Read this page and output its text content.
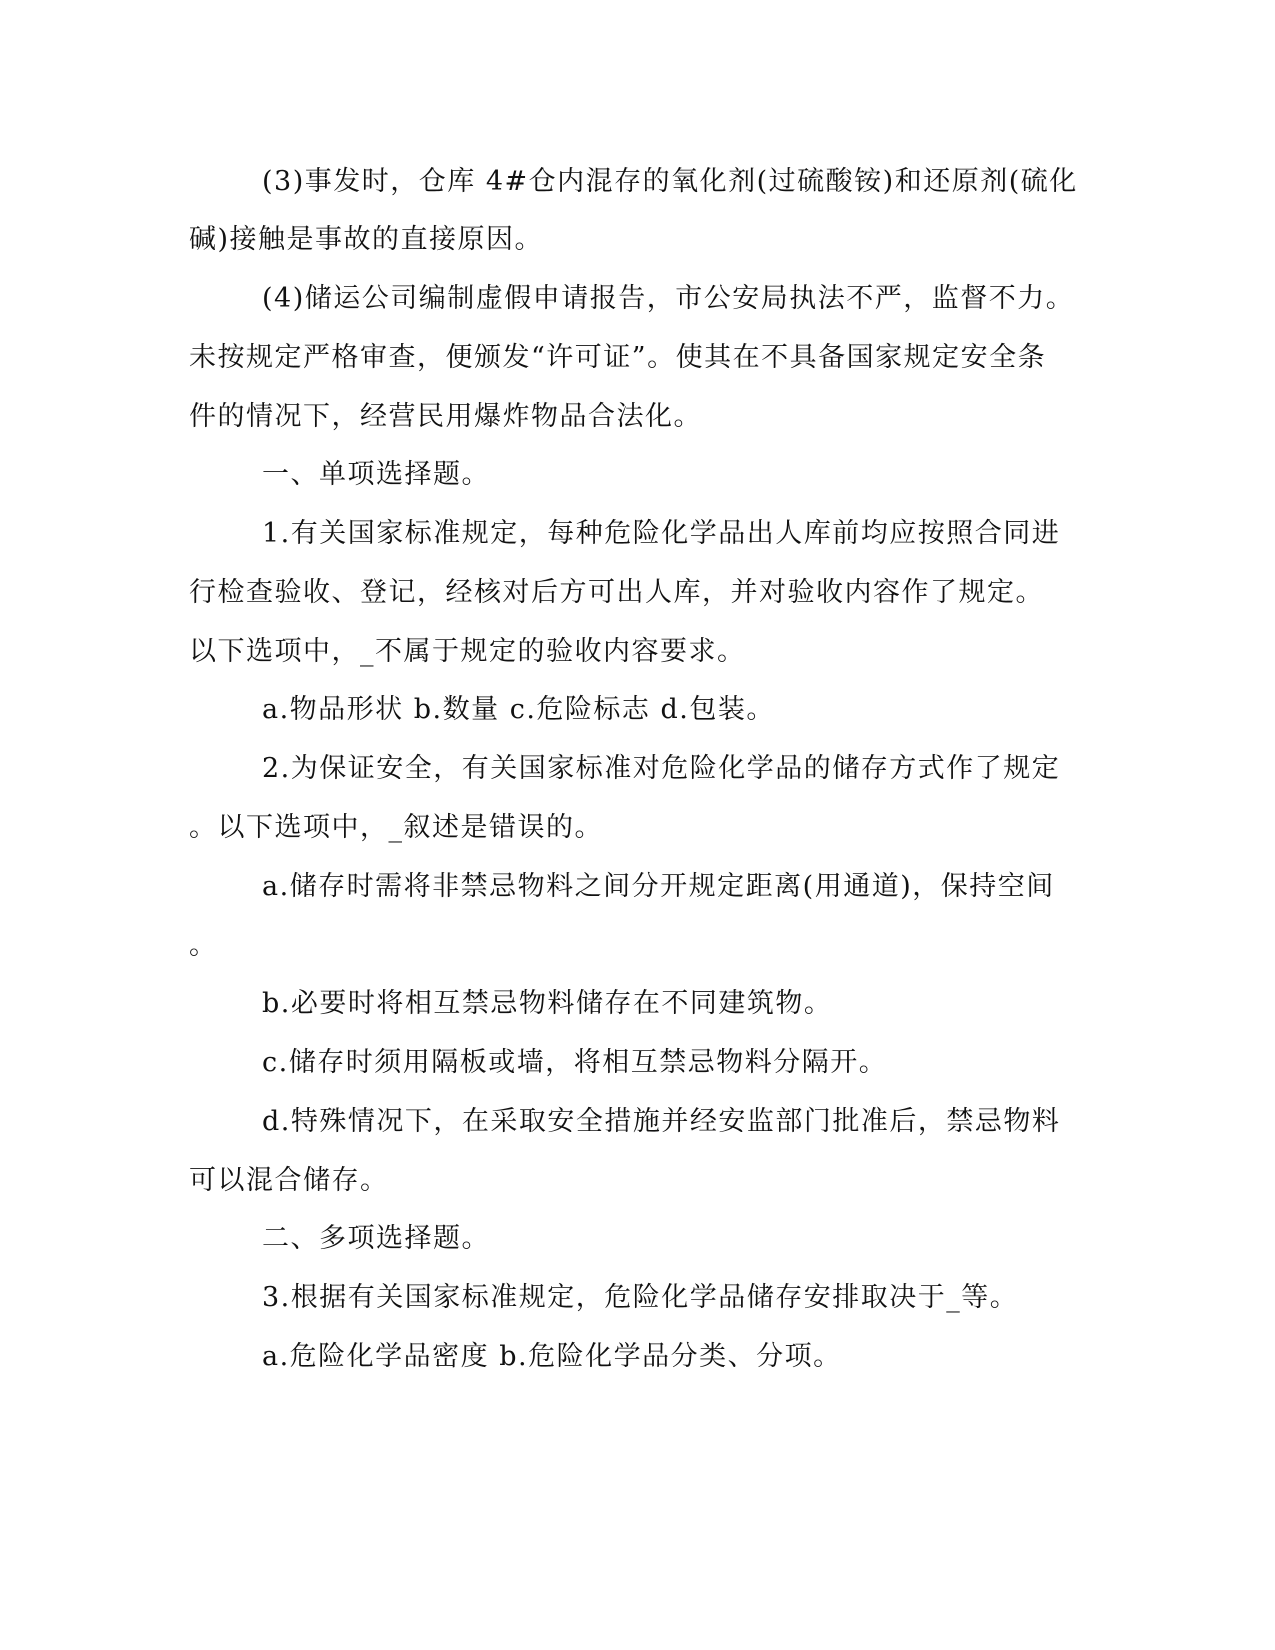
(3)事发时，仓库 4#仓内混存的氧化剂(过硫酸铵)和还原剂(硫化
碱)接触是事故的直接原因。
(4)储运公司编制虚假申请报告，市公安局执法不严，监督不力。
未按规定严格审查，便颁发“许可证”。使其在不具备国家规定安全条
件的情况下，经营民用爆炸物品合法化。
一、单项选择题。
1.有关国家标准规定，每种危险化学品出人库前均应按照合同进
行检查验收、登记，经核对后方可出人库，并对验收内容作了规定。
以下选项中，_不属于规定的验收内容要求。
a.物品形状 b.数量 c.危险标志 d.包装。
2.为保证安全，有关国家标准对危险化学品的储存方式作了规定
。以下选项中，_叙述是错误的。
a.储存时需将非禁忌物料之间分开规定距离(用通道)，保持空间
。
b.必要时将相互禁忌物料储存在不同建筑物。
c.储存时须用隔板或墙，将相互禁忌物料分隔开。
d.特殊情况下，在采取安全措施并经安监部门批准后，禁忌物料
可以混合储存。
二、多项选择题。
3.根据有关国家标准规定，危险化学品储存安排取决于_等。
a.危险化学品密度 b.危险化学品分类、分项。
